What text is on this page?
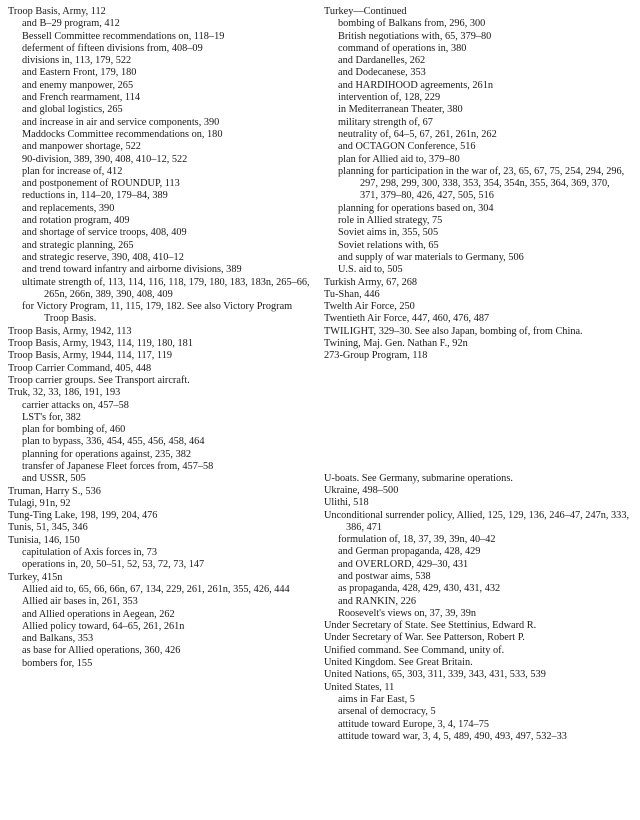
Troop Basis, Army, 112
and B–29 program, 412
Bessell Committee recommendations on, 118–19
deferment of fifteen divisions from, 408–09
divisions in, 113, 179, 522
and Eastern Front, 179, 180
and enemy manpower, 265
and French rearmament, 114
and global logistics, 265
and increase in air and service components, 390
Maddocks Committee recommendations on, 180
and manpower shortage, 522
90-division, 389, 390, 408, 410–12, 522
plan for increase of, 412
and postponement of ROUNDUP, 113
reductions in, 114–20, 179–84, 389
and replacements, 390
and rotation program, 409
and shortage of service troops, 408, 409
and strategic planning, 265
and strategic reserve, 390, 408, 410–12
and trend toward infantry and airborne divisions, 389
ultimate strength of, 113, 114, 116, 118, 179, 180, 183, 183n, 265–66, 265n, 266n, 389, 390, 408, 409
for Victory Program, 11, 115, 179, 182. See also Victory Program Troop Basis.
Troop Basis, Army, 1942, 113
Troop Basis, Army, 1943, 114, 119, 180, 181
Troop Basis, Army, 1944, 114, 117, 119
Troop Carrier Command, 405, 448
Troop carrier groups. See Transport aircraft.
Truk, 32, 33, 186, 191, 193
carrier attacks on, 457–58
LST's for, 382
plan for bombing of, 460
plan to bypass, 336, 454, 455, 456, 458, 464
planning for operations against, 235, 382
transfer of Japanese Fleet forces from, 457–58
and USSR, 505
Truman, Harry S., 536
Tulagi, 91n, 92
Tung-Ting Lake, 198, 199, 204, 476
Tunis, 51, 345, 346
Tunisia, 146, 150
capitulation of Axis forces in, 73
operations in, 20, 50–51, 52, 53, 72, 73, 147
Turkey, 415n
Allied aid to, 65, 66, 66n, 67, 134, 229, 261, 261n, 355, 426, 444
Allied air bases in, 261, 353
and Allied operations in Aegean, 262
Allied policy toward, 64–65, 261, 261n
and Balkans, 353
as base for Allied operations, 360, 426
bombers for, 155
Turkey—Continued
bombing of Balkans from, 296, 300
British negotiations with, 65, 379–80
command of operations in, 380
and Dardanelles, 262
and Dodecanese, 353
and HARDIHOOD agreements, 261n
intervention of, 128, 229
in Mediterranean Theater, 380
military strength of, 67
neutrality of, 64–5, 67, 261, 261n, 262
and OCTAGON Conference, 516
plan for Allied aid to, 379–80
planning for participation in the war of, 23, 65, 67, 75, 254, 294, 296, 297, 298, 299, 300, 338, 353, 354, 354n, 355, 364, 369, 370, 371, 379–80, 426, 427, 505, 516
planning for operations based on, 304
role in Allied strategy, 75
Soviet aims in, 355, 505
Soviet relations with, 65
and supply of war materials to Germany, 506
U.S. aid to, 505
Turkish Army, 67, 268
Tu-Shan, 446
Twelth Air Force, 250
Twentieth Air Force, 447, 460, 476, 487
TWILIGHT, 329–30. See also Japan, bombing of, from China.
Twining, Maj. Gen. Nathan F., 92n
273-Group Program, 118
U-boats. See Germany, submarine operations.
Ukraine, 498–500
Ulithi, 518
Unconditional surrender policy, Allied, 125, 129, 136, 246–47, 247n, 333, 386, 471
formulation of, 18, 37, 39, 39n, 40–42
and German propaganda, 428, 429
and OVERLORD, 429–30, 431
and postwar aims, 538
as propaganda, 428, 429, 430, 431, 432
and RANKIN, 226
Roosevelt's views on, 37, 39, 39n
Under Secretary of State. See Stettinius, Edward R.
Under Secretary of War. See Patterson, Robert P.
Unified command. See Command, unity of.
United Kingdom. See Great Britain.
United Nations, 65, 303, 311, 339, 343, 431, 533, 539
United States, 11
aims in Far East, 5
arsenal of democracy, 5
attitude toward Europe, 3, 4, 174–75
attitude toward war, 3, 4, 5, 489, 490, 493, 497, 532–33
